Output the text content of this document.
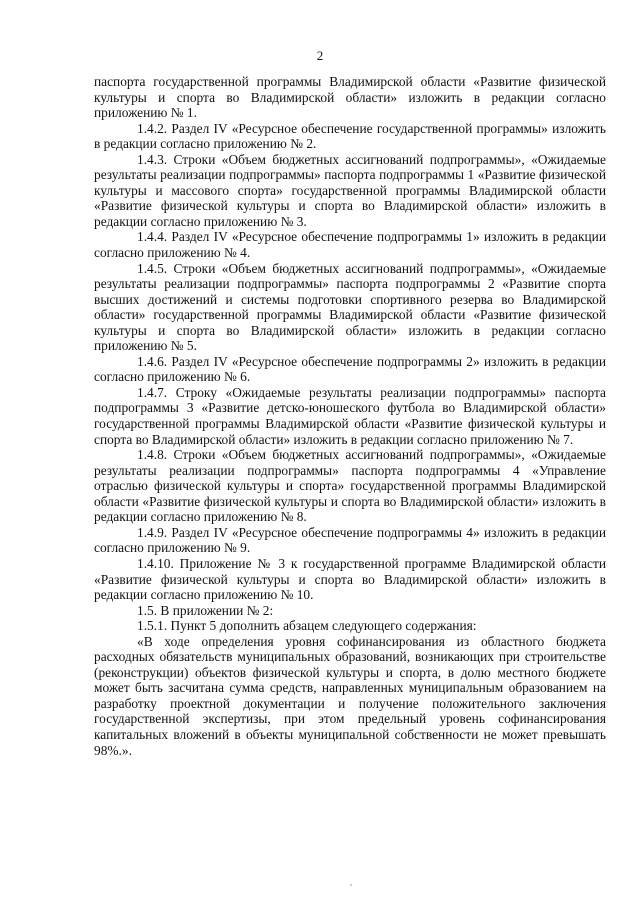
2

паспорта государственной программы Владимирской области «Развитие физической культуры и спорта во Владимирской области» изложить в редакции согласно приложению № 1.

1.4.2. Раздел IV «Ресурсное обеспечение государственной программы» изложить в редакции согласно приложению № 2.

1.4.3. Строки «Объем бюджетных ассигнований подпрограммы», «Ожидаемые результаты реализации подпрограммы» паспорта подпрограммы 1 «Развитие физической культуры и массового спорта» государственной программы Владимирской области «Развитие физической культуры и спорта во Владимирской области» изложить в редакции согласно приложению № 3.

1.4.4. Раздел IV «Ресурсное обеспечение подпрограммы 1» изложить в редакции согласно приложению № 4.

1.4.5. Строки «Объем бюджетных ассигнований подпрограммы», «Ожидаемые результаты реализации подпрограммы» паспорта подпрограммы 2 «Развитие спорта высших достижений и системы подготовки спортивного резерва во Владимирской области» государственной программы Владимирской области «Развитие физической культуры и спорта во Владимирской области» изложить в редакции согласно приложению № 5.

1.4.6. Раздел IV «Ресурсное обеспечение подпрограммы 2» изложить в редакции согласно приложению № 6.

1.4.7. Строку «Ожидаемые результаты реализации подпрограммы» паспорта подпрограммы 3 «Развитие детско-юношеского футбола во Владимирской области» государственной программы Владимирской области «Развитие физической культуры и спорта во Владимирской области» изложить в редакции согласно приложению № 7.

1.4.8. Строки «Объем бюджетных ассигнований подпрограммы», «Ожидаемые результаты реализации подпрограммы» паспорта подпрограммы 4 «Управление отраслью физической культуры и спорта» государственной программы Владимирской области «Развитие физической культуры и спорта во Владимирской области» изложить в редакции согласно приложению № 8.

1.4.9. Раздел IV «Ресурсное обеспечение подпрограммы 4» изложить в редакции согласно приложению № 9.

1.4.10. Приложение № 3 к государственной программе Владимирской области «Развитие физической культуры и спорта во Владимирской области» изложить в редакции согласно приложению № 10.

1.5. В приложении № 2:

1.5.1. Пункт 5 дополнить абзацем следующего содержания:

«В ходе определения уровня софинансирования из областного бюджета расходных обязательств муниципальных образований, возникающих при строительстве (реконструкции) объектов физической культуры и спорта, в долю местного бюджете может быть засчитана сумма средств, направленных муниципальным образованием на разработку проектной документации и получение положительного заключения государственной экспертизы, при этом предельный уровень софинансирования капитальных вложений в объекты муниципальной собственности не может превышать 98%.».
